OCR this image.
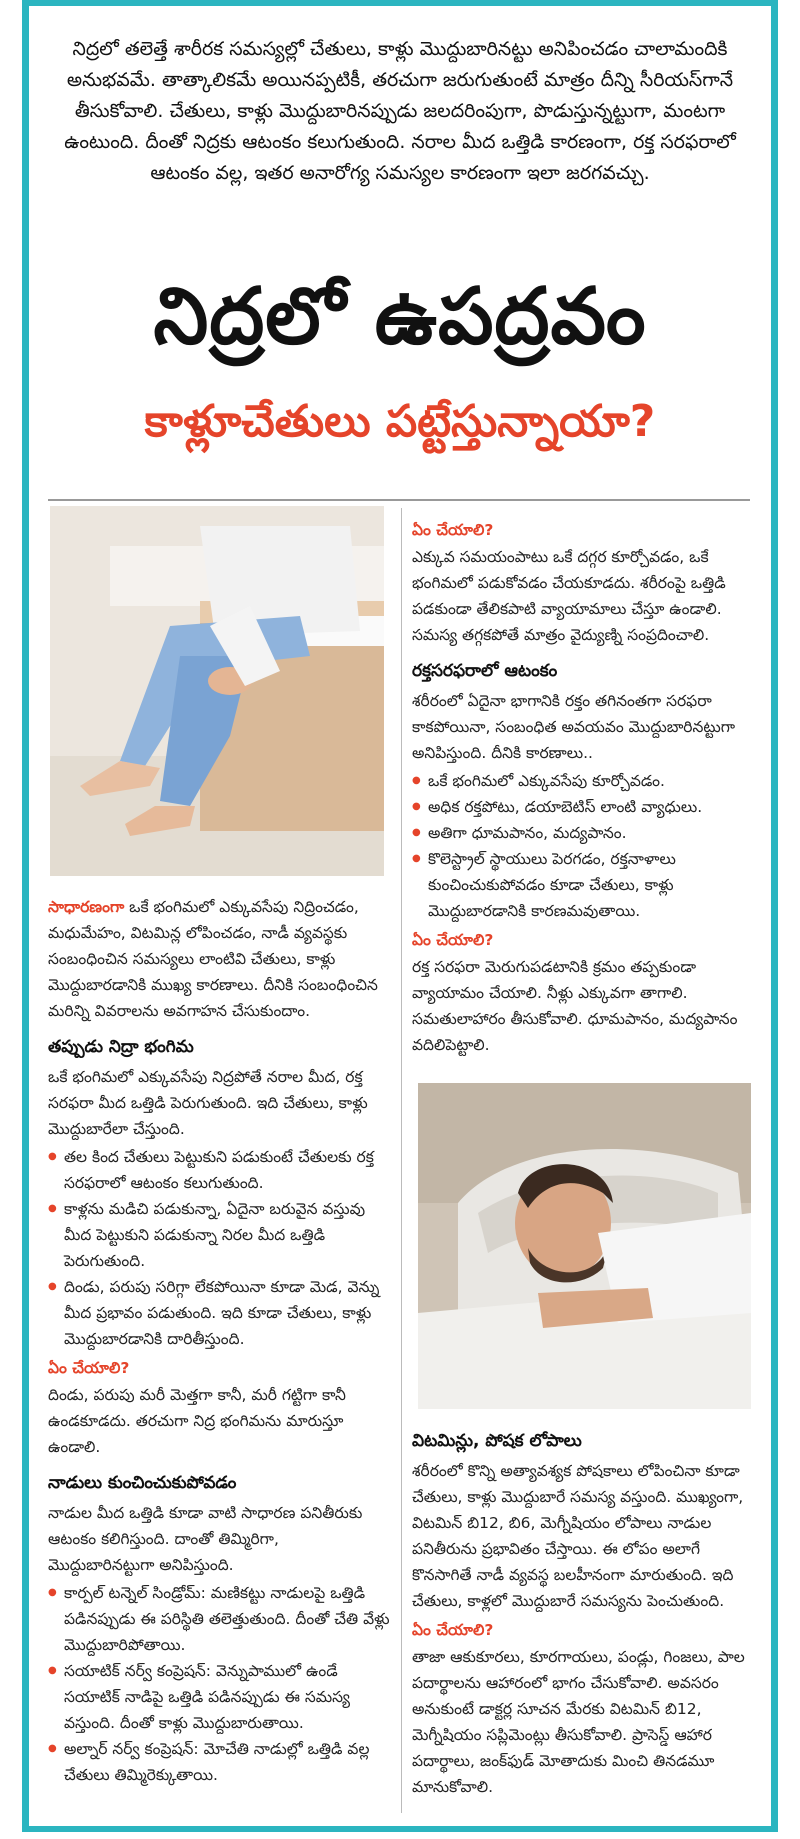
నిద్రలో తలెత్తే శారీరక సమస్యల్లో చేతులు, కాళ్లు మొద్దుబారినట్టు అనిపించడం చాలామందికి అనుభవమే. తాత్కాలికమే అయినప్పటికీ, తరచుగా జరుగుతుంటే మాత్రం దీన్ని సీరియస్‌గానే తీసుకోవాలి. చేతులు, కాళ్లు మొద్దుబారినప్పుడు జలదరింపుగా, పొడుస్తున్నట్టుగా, మంటగా ఉంటుంది. దీంతో నిద్రకు ఆటంకం కలుగుతుంది. నరాల మీద ఒత్తిడి కారణంగా, రక్త సరఫరాలో ఆటంకం వల్ల, ఇతర అనారోగ్య సమస్యల కారణంగా ఇలా జరగవచ్చు.
నిద్రలో ఉపద్రవం
కాళ్లూచేతులు పట్టేస్తున్నాయా?

సాధారణంగా ఒకే భంగిమలో ఎక్కువసేపు నిద్రించడం, మధుమేహం, విటమిన్ల లోపించడం, నాడీ వ్యవస్థకు సంబంధించిన సమస్యలు లాంటివి చేతులు, కాళ్లు మొద్దుబారడానికి ముఖ్య కారణాలు. దీనికి సంబంధించిన మరిన్ని వివరాలను అవగాహన చేసుకుందాం.

తప్పుడు నిద్రా భంగిమ

ఒకే భంగిమలో ఎక్కువసేపు నిద్రపోతే నరాల మీద, రక్త సరఫరా మీద ఒత్తిడి పెరుగుతుంది. ఇది చేతులు, కాళ్లు మొద్దుబారేలా చేస్తుంది.

● తల కింద చేతులు పెట్టుకుని పడుకుంటే చేతులకు రక్త సరఫరాలో ఆటంకం కలుగుతుంది.
● కాళ్లను మడిచి పడుకున్నా, ఏదైనా బరువైన వస్తువు మీద పెట్టుకుని పడుకున్నా నిరల మీద ఒత్తిడి పెరుగుతుంది.
● దిండు, పరుపు సరిగ్గా లేకపోయినా కూడా మెడ, వెన్ను మీద ప్రభావం పడుతుంది. ఇది కూడా చేతులు, కాళ్లు మొద్దుబారడానికి దారితీస్తుంది.
ఏం చేయాలి?

దిండు, పరుపు మరీ మెత్తగా కానీ, మరీ గట్టిగా కానీ ఉండకూడదు. తరచుగా నిద్ర భంగిమను మారుస్తూ ఉండాలి.

నాడులు కుంచించుకుపోవడం

నాడుల మీద ఒత్తిడి కూడా వాటి సాధారణ పనితీరుకు ఆటంకం కలిగిస్తుంది. దాంతో తిమ్మిరిగా, మొద్దుబారినట్టుగా అనిపిస్తుంది.

● కార్పల్ టన్నెల్ సిండ్రోమ్: మణికట్టు నాడులపై ఒత్తిడి పడినప్పుడు ఈ పరిస్థితి తలెత్తుతుంది. దీంతో చేతి వేళ్లు మొద్దుబారిపోతాయి.
● సయాటిక్ నర్వ్ కంప్రెషన్: వెన్నుపాములో ఉండే సయాటిక్ నాడిపై ఒత్తిడి పడినప్పుడు ఈ సమస్య వస్తుంది. దీంతో కాళ్లు మొద్దుబారుతాయి.
● అల్నార్ నర్వ్ కంప్రెషన్: మోచేతి నాడుల్లో ఒత్తిడి వల్ల చేతులు తిమ్మిరెక్కుతాయి.
ఏం చేయాలి?

ఎక్కువ సమయంపాటు ఒకే దగ్గర కూర్చోవడం, ఒకే భంగిమలో పడుకోవడం చేయకూడదు. శరీరంపై ఒత్తిడి పడకుండా తేలికపాటి వ్యాయామాలు చేస్తూ ఉండాలి. సమస్య తగ్గకపోతే మాత్రం వైద్యుణ్ని సంప్రదించాలి.

రక్తసరఫరాలో ఆటంకం

శరీరంలో ఏదైనా భాగానికి రక్తం తగినంతగా సరఫరా కాకపోయినా, సంబంధిత అవయవం మొద్దుబారినట్టుగా అనిపిస్తుంది. దీనికి కారణాలు..

● ఒకే భంగిమలో ఎక్కువసేపు కూర్చోవడం.
● అధిక రక్తపోటు, డయాబెటిస్ లాంటి వ్యాధులు.
● అతిగా ధూమపానం, మద్యపానం.
● కొలెస్ట్రాల్ స్థాయులు పెరగడం, రక్తనాళాలు కుంచించుకుపోవడం కూడా చేతులు, కాళ్లు మొద్దుబారడానికి కారణమవుతాయి.
ఏం చేయాలి?

రక్త సరఫరా మెరుగుపడటానికి క్రమం తప్పకుండా వ్యాయామం చేయాలి. నీళ్లు ఎక్కువగా తాగాలి. సమతులాహారం తీసుకోవాలి. ధూమపానం, మద్యపానం వదిలిపెట్టాలి.

విటమిన్లు, పోషక లోపాలు

శరీరంలో కొన్ని అత్యావశ్యక పోషకాలు లోపించినా కూడా చేతులు, కాళ్లు మొద్దుబారే సమస్య వస్తుంది. ముఖ్యంగా, విటమిన్ బి12, బి6, మెగ్నీషియం లోపాలు నాడుల పనితీరును ప్రభావితం చేస్తాయి. ఈ లోపం అలాగే కొనసాగితే నాడీ వ్యవస్థ బలహీనంగా మారుతుంది. ఇది చేతులు, కాళ్లలో మొద్దుబారే సమస్యను పెంచుతుంది.

ఏం చేయాలి?

తాజా ఆకుకూరలు, కూరగాయలు, పండ్లు, గింజలు, పాల పదార్థాలను ఆహారంలో భాగం చేసుకోవాలి. అవసరం అనుకుంటే డాక్టర్ల సూచన మేరకు విటమిన్ బి12, మెగ్నీషియం సప్లిమెంట్లు తీసుకోవాలి. ప్రాసెస్డ్ ఆహార పదార్థాలు, జంక్‌ఫుడ్ మోతాదుకు మించి తినడమూ మానుకోవాలి.
